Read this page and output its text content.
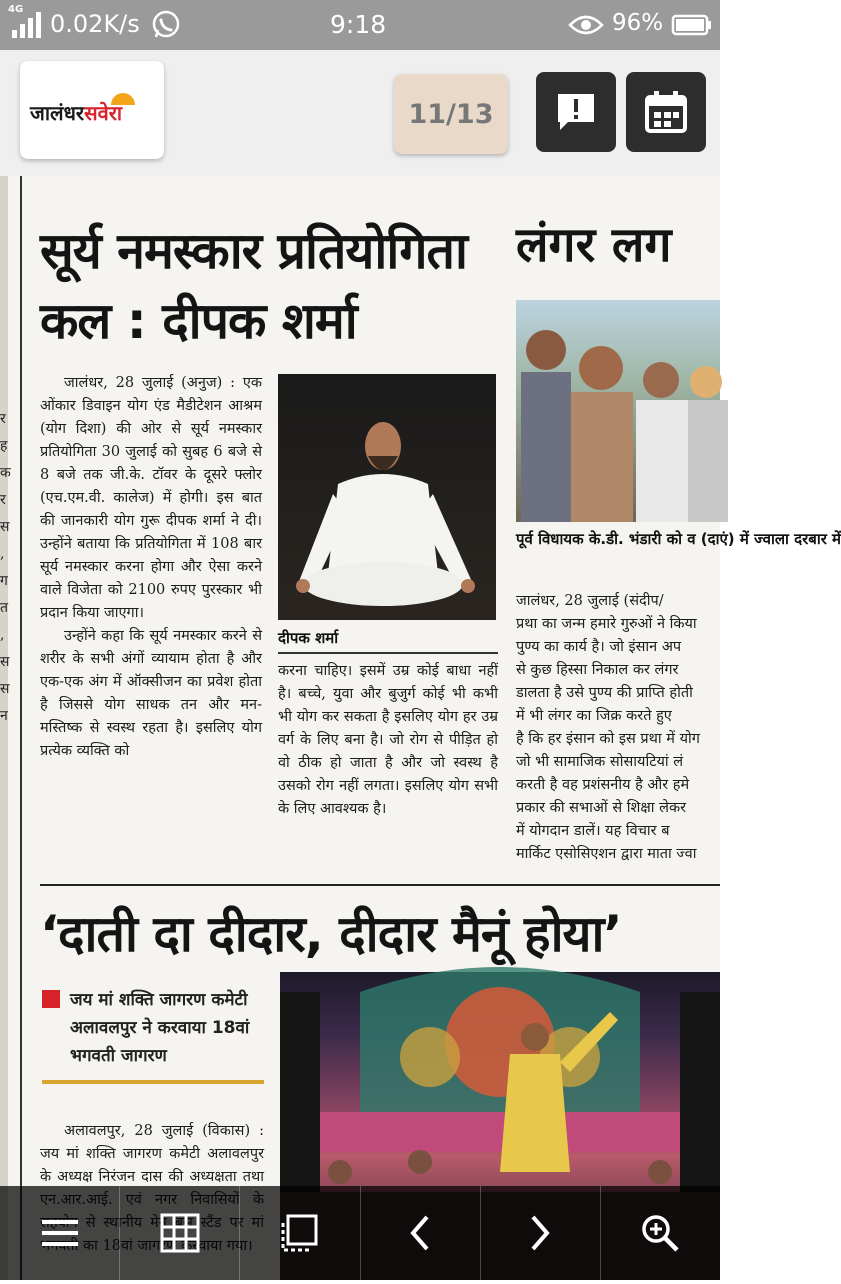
4G
0.02K/s	9:18	96%
जालंधरसवेरा	11/13
र ह क र स , ग त , स स न
सूर्य नमस्कार प्रतियोगिता
कल : दीपक शर्मा
लंगर लग

जालंधर, 28 जुलाई (अनुज) : एक ओंकार डिवाइन योग एंड मैडीटेशन आश्रम (योग दिशा) की ओर से सूर्य नमस्कार प्रतियोगिता 30 जुलाई को सुबह 6 बजे से 8 बजे तक जी.के. टॉवर के दूसरे फ्लोर (एच.एम.वी. कालेज) में होगी। इस बात की जानकारी योग गुरू दीपक शर्मा ने दी। उन्होंने बताया कि प्रतियोगिता में 108 बार सूर्य नमस्कार करना होगा और ऐसा करने वाले विजेता को 2100 रुपए पुरस्कार भी प्रदान किया जाएगा।

उन्होंने कहा कि सूर्य नमस्कार करने से शरीर के सभी अंगों व्यायाम होता है और एक-एक अंग में ऑक्सीजन का प्रवेश होता है जिससे योग साधक तन और मन-मस्तिष्क से स्वस्थ रहता है। इसलिए योग प्रत्येक व्यक्ति को

दीपक शर्मा

करना चाहिए। इसमें उम्र कोई बाधा नहीं है। बच्चे, युवा और बुजुर्ग कोई भी कभी भी योग कर सकता है इसलिए योग हर उम्र वर्ग के लिए बना है। जो रोग से पीड़ित हो वो ठीक हो जाता है और जो स्वस्थ है उसको रोग नहीं लगता। इसलिए योग सभी के लिए आवश्यक है।

पूर्व विधायक के.डी. भंडारी को व (दाएं) में ज्वाला दरबार में
जालंधर, 28 जुलाई (संदीप/
प्रथा का जन्म हमारे गुरुओं ने किया
पुण्य का कार्य है। जो इंसान अप
से कुछ हिस्सा निकाल कर लंगर
डालता है उसे पुण्य की प्राप्ति होती
में भी लंगर का जिक्र करते हुए
है कि हर इंसान को इस प्रथा में योग
जो भी सामाजिक सोसायटियां लं
करती है वह प्रशंसनीय है और हमे
प्रकार की सभाओं से शिक्षा लेकर
में योगदान डालें। यह विचार ब
मार्किट एसोसिएशन द्वारा माता ज्वा
‘दाती दा दीदार, दीदार मैनूं होया’
जय मां शक्ति जागरण कमेटी अलावलपुर ने करवाया 18वां भगवती जागरण

अलावलपुर, 28 जुलाई (विकास) : जय मां शक्ति जागरण कमेटी अलावलपुर के अध्यक्ष निरंजन दास की अध्यक्षता तथा
